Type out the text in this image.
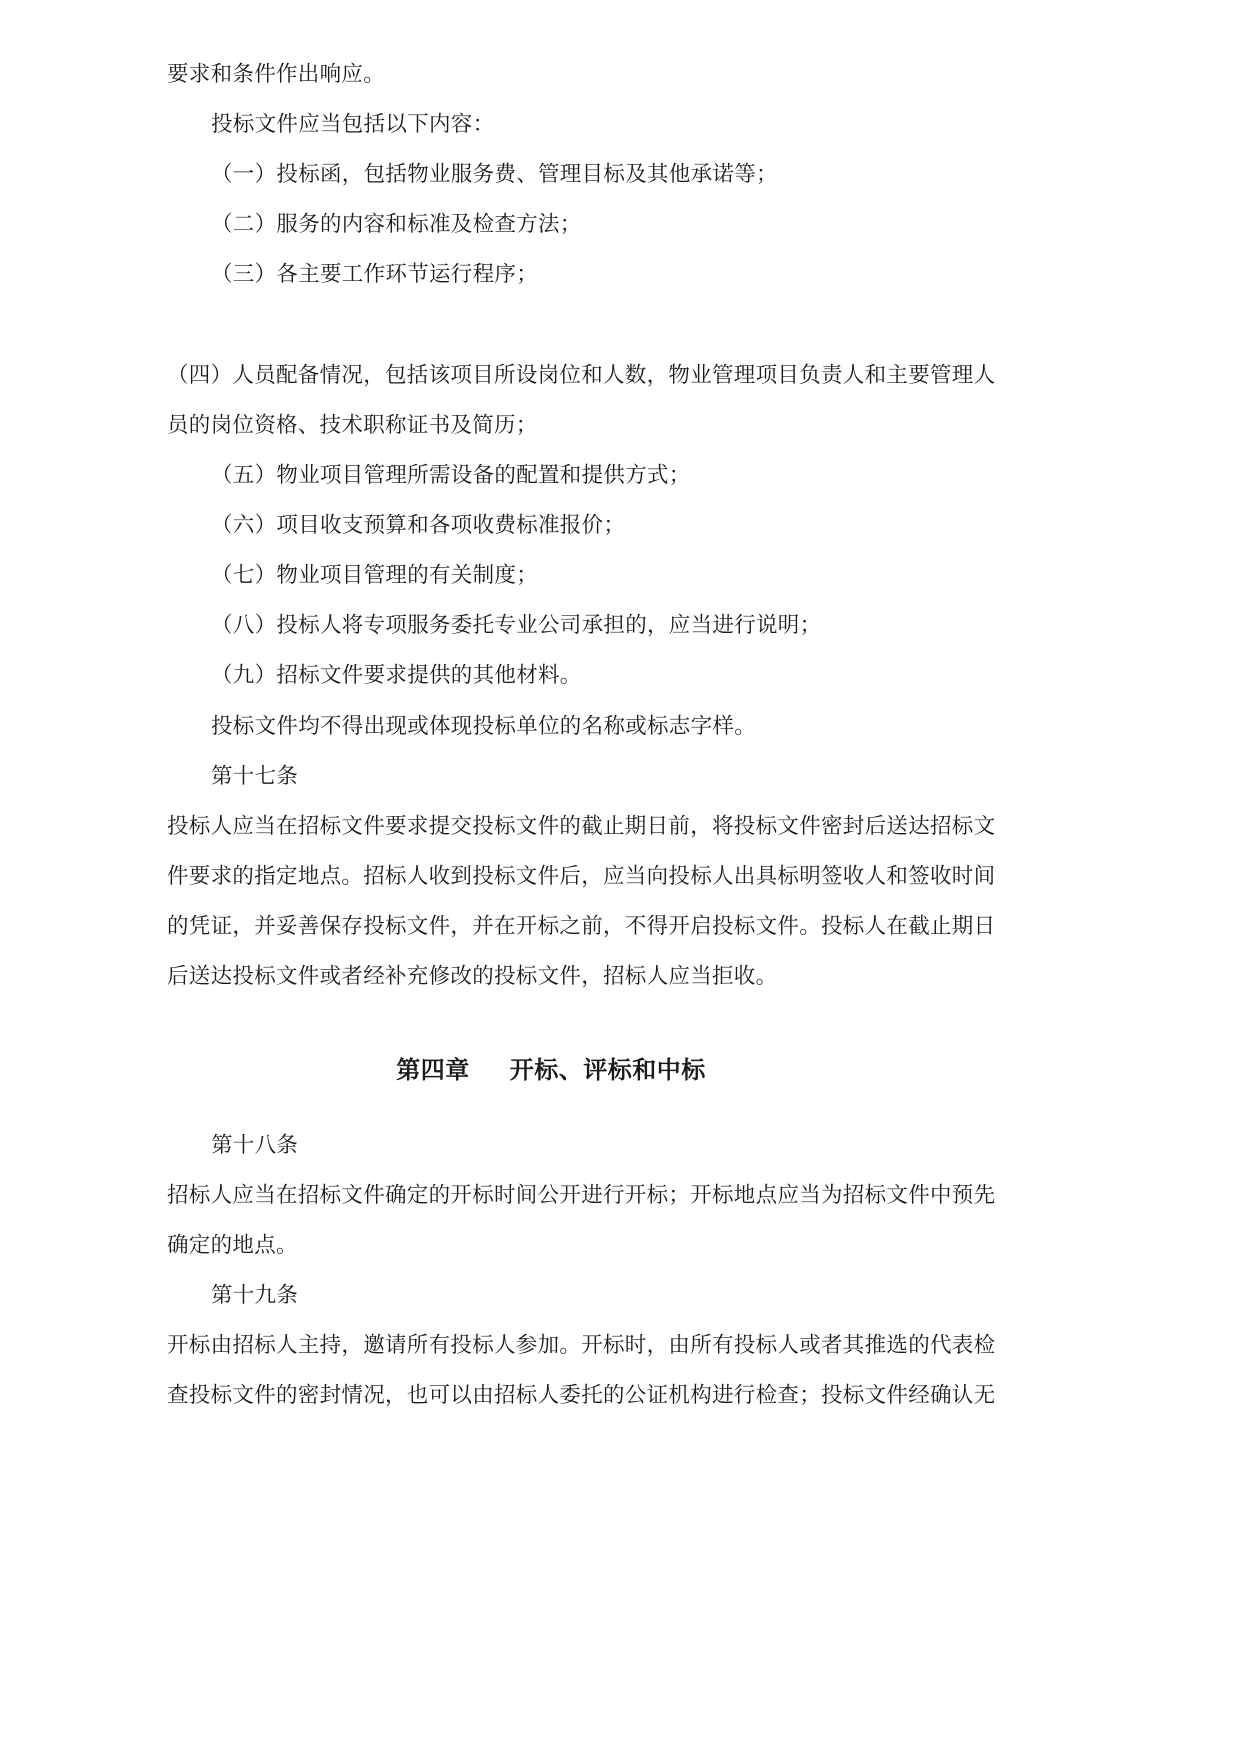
要求和条件作出响应。
投标文件应当包括以下内容：
（一）投标函，包括物业服务费、管理目标及其他承诺等；
（二）服务的内容和标准及检查方法；
（三）各主要工作环节运行程序；
（四）人员配备情况，包括该项目所设岗位和人数，物业管理项目负责人和主要管理人
员的岗位资格、技术职称证书及简历；
（五）物业项目管理所需设备的配置和提供方式；
（六）项目收支预算和各项收费标准报价；
（七）物业项目管理的有关制度；
（八）投标人将专项服务委托专业公司承担的，应当进行说明；
（九）招标文件要求提供的其他材料。
投标文件均不得出现或体现投标单位的名称或标志字样。
第十七条
投标人应当在招标文件要求提交投标文件的截止期日前，将投标文件密封后送达招标文
件要求的指定地点。招标人收到投标文件后，应当向投标人出具标明签收人和签收时间
的凭证，并妥善保存投标文件，并在开标之前，不得开启投标文件。投标人在截止期日
后送达投标文件或者经补充修改的投标文件，招标人应当拒收。
第四章 开标、评标和中标
第十八条
招标人应当在招标文件确定的开标时间公开进行开标；开标地点应当为招标文件中预先
确定的地点。
第十九条
开标由招标人主持，邀请所有投标人参加。开标时，由所有投标人或者其推选的代表检
查投标文件的密封情况，也可以由招标人委托的公证机构进行检查；投标文件经确认无
